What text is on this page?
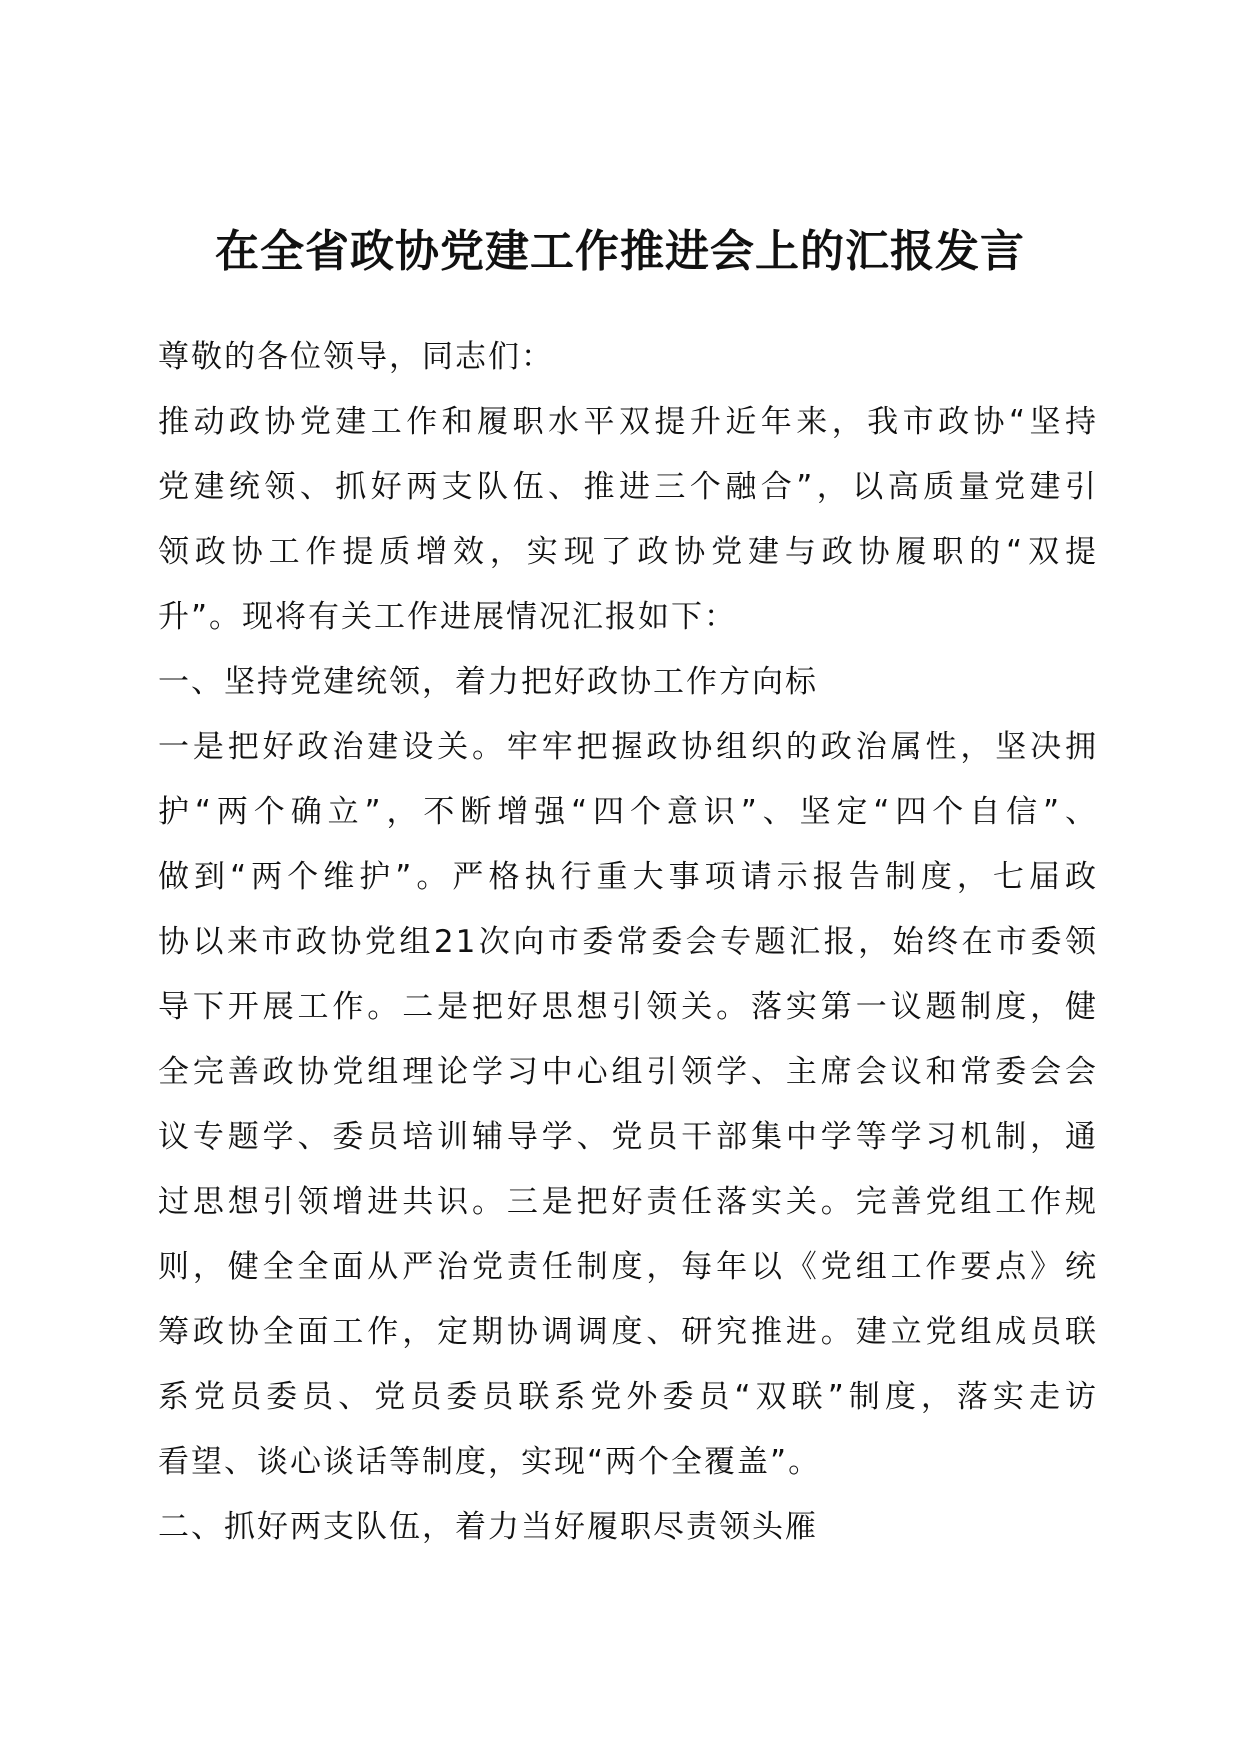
在全省政协党建工作推进会上的汇报发言
尊敬的各位领导，同志们：
推动政协党建工作和履职水平双提升近年来，我市政协“坚持
党建统领、抓好两支队伍、推进三个融合”，以高质量党建引
领政协工作提质增效，实现了政协党建与政协履职的“双提
升”。现将有关工作进展情况汇报如下：
一、坚持党建统领，着力把好政协工作方向标
一是把好政治建设关。牢牢把握政协组织的政治属性，坚决拥
护“两个确立”，不断增强“四个意识”、坚定“四个自信”、
做到“两个维护”。严格执行重大事项请示报告制度，七届政
协以来市政协党组21次向市委常委会专题汇报，始终在市委领
导下开展工作。二是把好思想引领关。落实第一议题制度，健
全完善政协党组理论学习中心组引领学、主席会议和常委会会
议专题学、委员培训辅导学、党员干部集中学等学习机制，通
过思想引领增进共识。三是把好责任落实关。完善党组工作规
则，健全全面从严治党责任制度，每年以《党组工作要点》统
筹政协全面工作，定期协调调度、研究推进。建立党组成员联
系党员委员、党员委员联系党外委员“双联”制度，落实走访
看望、谈心谈话等制度，实现“两个全覆盖”。
二、抓好两支队伍，着力当好履职尽责领头雁
